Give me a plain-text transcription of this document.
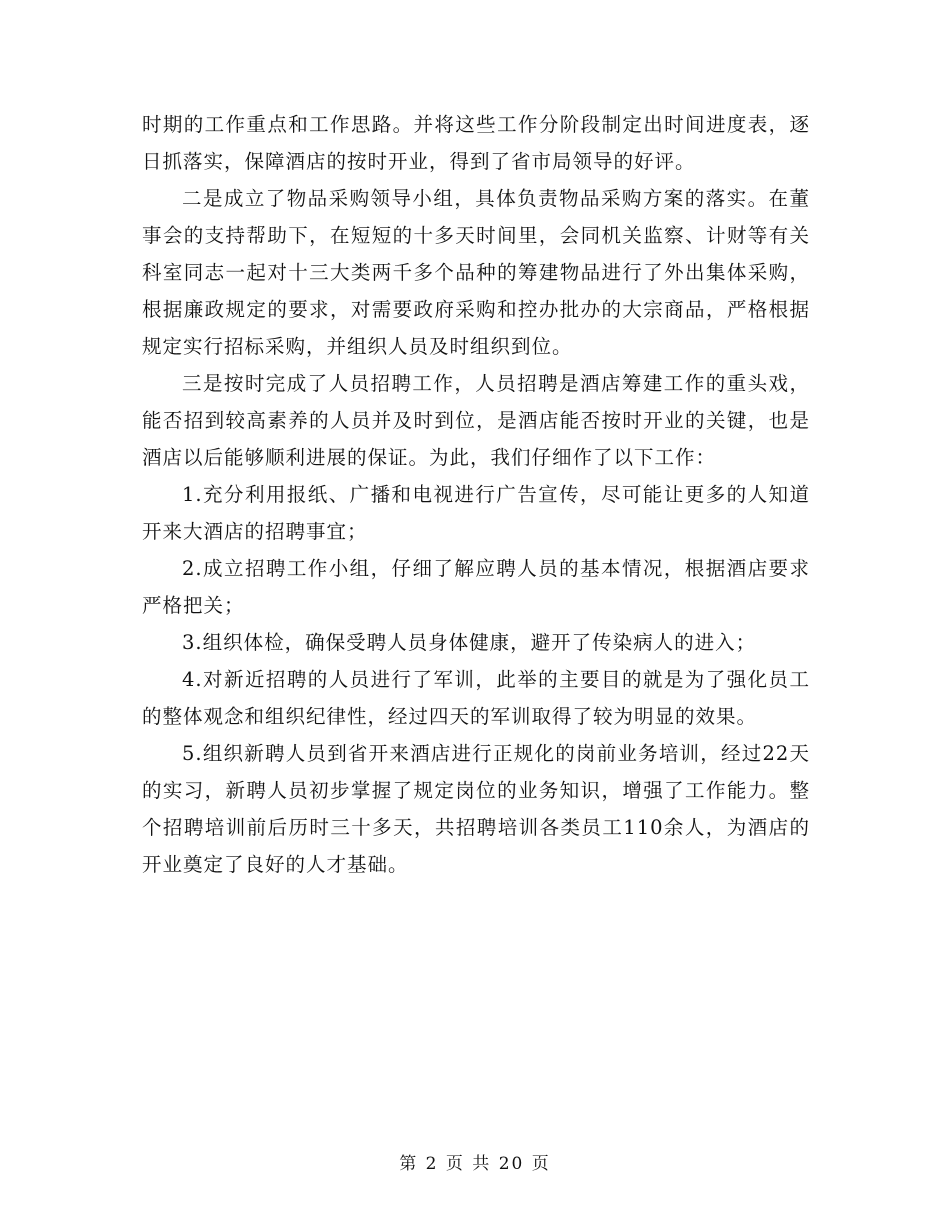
时期的工作重点和工作思路。并将这些工作分阶段制定出时间进度表，逐日抓落实，保障酒店的按时开业，得到了省市局领导的好评。

二是成立了物品采购领导小组，具体负责物品采购方案的落实。在董事会的支持帮助下，在短短的十多天时间里，会同机关监察、计财等有关科室同志一起对十三大类两千多个品种的筹建物品进行了外出集体采购，根据廉政规定的要求，对需要政府采购和控办批办的大宗商品，严格根据规定实行招标采购，并组织人员及时组织到位。

三是按时完成了人员招聘工作，人员招聘是酒店筹建工作的重头戏，能否招到较高素养的人员并及时到位，是酒店能否按时开业的关键，也是酒店以后能够顺利进展的保证。为此，我们仔细作了以下工作：

1.充分利用报纸、广播和电视进行广告宣传，尽可能让更多的人知道开来大酒店的招聘事宜；

2.成立招聘工作小组，仔细了解应聘人员的基本情况，根据酒店要求严格把关；

3.组织体检，确保受聘人员身体健康，避开了传染病人的进入；

4.对新近招聘的人员进行了军训，此举的主要目的就是为了强化员工的整体观念和组织纪律性，经过四天的军训取得了较为明显的效果。

5.组织新聘人员到省开来酒店进行正规化的岗前业务培训，经过22天的实习，新聘人员初步掌握了规定岗位的业务知识，增强了工作能力。整个招聘培训前后历时三十多天，共招聘培训各类员工110余人，为酒店的开业奠定了良好的人才基础。

第 2 页 共 20 页
